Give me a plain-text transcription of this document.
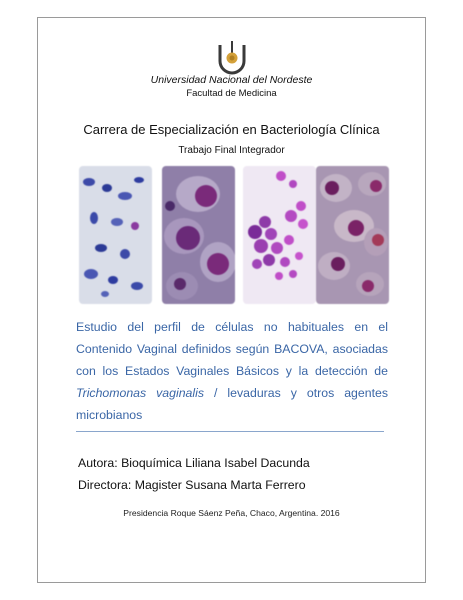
Universidad Nacional del Nordeste
Facultad de Medicina
Carrera de Especialización en Bacteriología Clínica
Trabajo Final Integrador
Estudio del perfil de células no habituales en el Contenido Vaginal definidos según BACOVA, asociadas con los Estados Vaginales Básicos y la detección de Trichomonas vaginalis / levaduras y otros agentes microbianos
Autora: Bioquímica Liliana Isabel Dacunda
Directora: Magister Susana Marta Ferrero
Presidencia Roque Sáenz Peña, Chaco, Argentina. 2016
